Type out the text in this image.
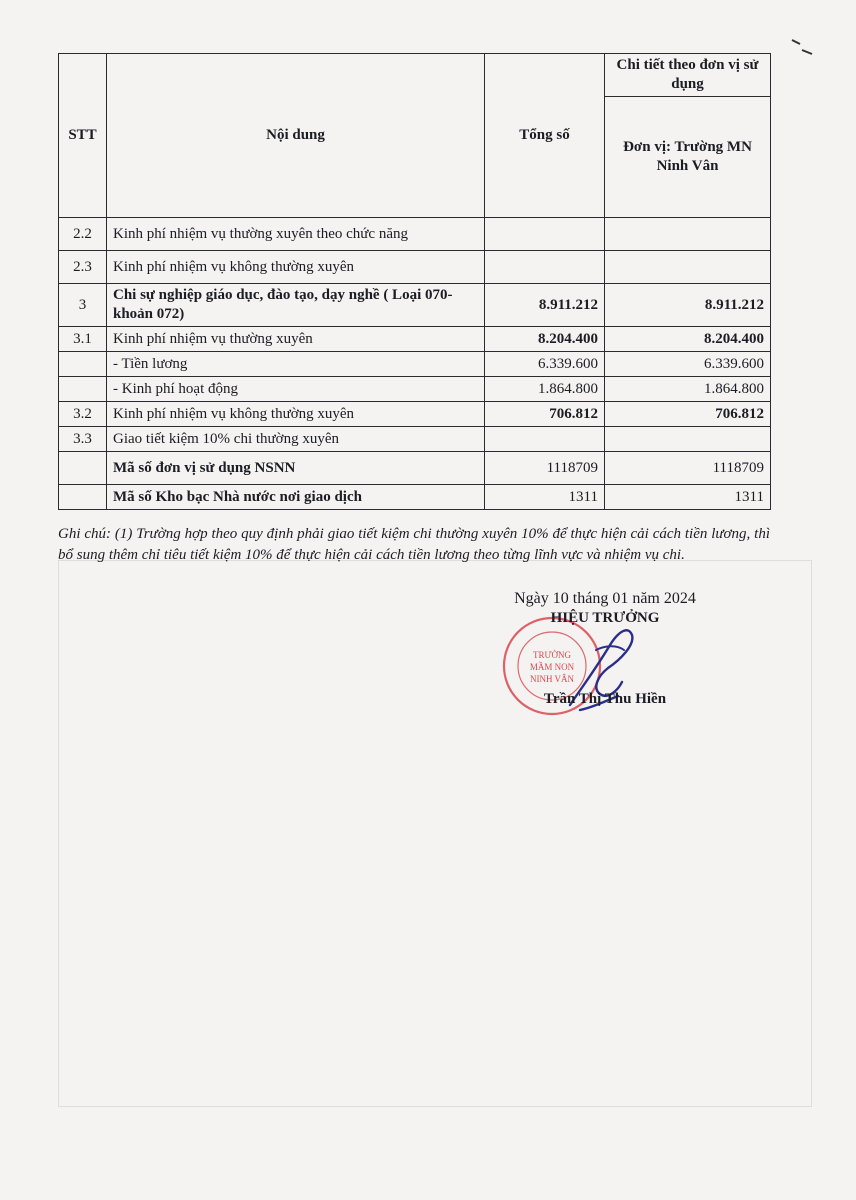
STT	Nội dung	Tổng số	Chi tiết theo đơn vị sử dụng
			Đơn vị: Trường MN Ninh Vân
2.2	Kinh phí nhiệm vụ thường xuyên theo chức năng		
2.3	Kinh phí nhiệm vụ không thường xuyên		
3	Chi sự nghiệp giáo dục, đào tạo, dạy nghề ( Loại 070-khoản 072)	8.911.212	8.911.212
3.1	Kinh phí nhiệm vụ thường xuyên	8.204.400	8.204.400
	- Tiền lương	6.339.600	6.339.600
	- Kinh phí hoạt động	1.864.800	1.864.800
3.2	Kinh phí nhiệm vụ không thường xuyên	706.812	706.812
3.3	Giao tiết kiệm 10% chi thường xuyên		
	Mã số đơn vị sử dụng NSNN	1118709	1118709
	Mã số Kho bạc Nhà nước nơi giao dịch	1311	1311
Ghi chú: (1) Trường hợp theo quy định phải giao tiết kiệm chi thường xuyên 10% để thực hiện cải cách tiền lương, thì bổ sung thêm chỉ tiêu tiết kiệm 10% để thực hiện cải cách tiền lương theo từng lĩnh vực và nhiệm vụ chi.
TRƯỜNG
MẦM NON
NINH VÂN
Ngày 10 tháng 01 năm 2024
HIỆU TRƯỞNG
Trần Thị Thu Hiền
